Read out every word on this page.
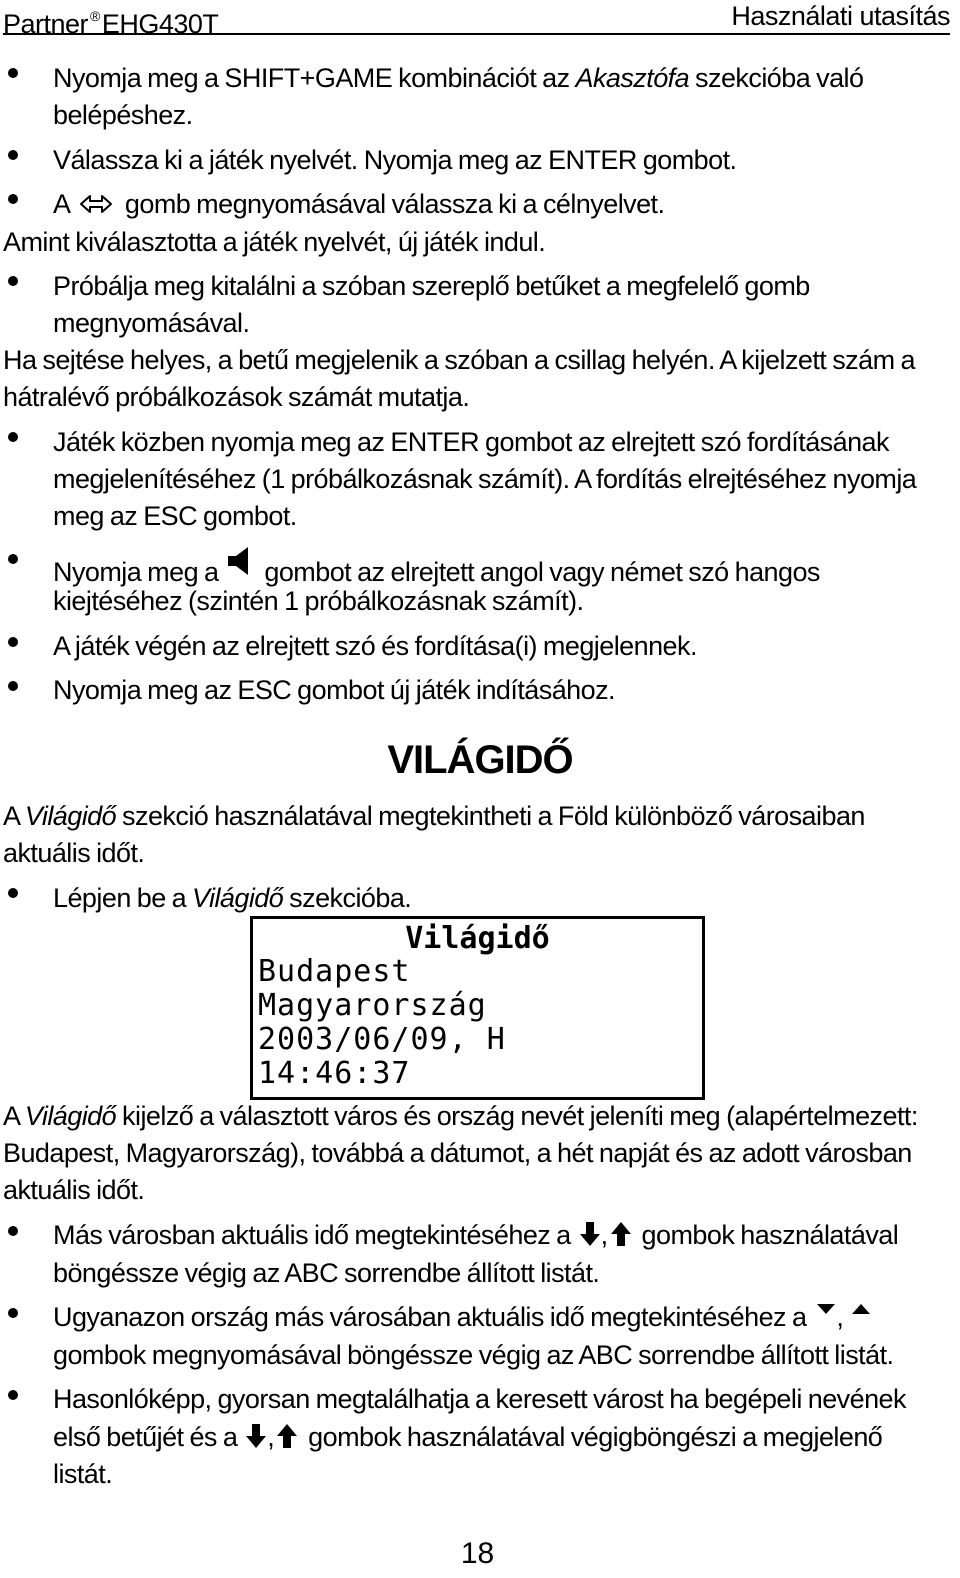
Partner ®EHG430T	Használati utasítás
Nyomja meg a SHIFT+GAME kombinációt az Akasztófa szekcióba való
belépéshez.
Válassza ki a játék nyelvét. Nyomja meg az ENTER gombot.
A gomb megnyomásával válassza ki a célnyelvet.
Amint kiválasztotta a játék nyelvét, új játék indul.
Próbálja meg kitalálni a szóban szereplő betűket a megfelelő gomb
megnyomásával.
Ha sejtése helyes, a betű megjelenik a szóban a csillag helyén. A kijelzett szám a
hátralévő próbálkozások számát mutatja.
Játék közben nyomja meg az ENTER gombot az elrejtett szó fordításának
megjelenítéséhez (1 próbálkozásnak számít). A fordítás elrejtéséhez nyomja
meg az ESC gombot.
Nyomja meg a gombot az elrejtett angol vagy német szó hangos
kiejtéséhez (szintén 1 próbálkozásnak számít).
A játék végén az elrejtett szó és fordítása(i) megjelennek.
Nyomja meg az ESC gombot új játék indításához.
VILÁGIDŐ
A Világidő szekció használatával megtekintheti a Föld különböző városaiban
aktuális időt.
Lépjen be a Világidő szekcióba.
Világidő
Budapest
Magyarország
2003/06/09, H
14:46:37
A Világidő kijelző a választott város és ország nevét jeleníti meg (alapértelmezett:
Budapest, Magyarország), továbbá a dátumot, a hét napját és az adott városban
aktuális időt.
Más városban aktuális idő megtekintéséhez a , gombok használatával
böngéssze végig az ABC sorrendbe állított listát.
Ugyanazon ország más városában aktuális idő megtekintéséhez a ,
gombok megnyomásával böngéssze végig az ABC sorrendbe állított listát.
Hasonlóképp, gyorsan megtalálhatja a keresett várost ha begépeli nevének
első betűjét és a , gombok használatával végigböngészi a megjelenő
listát.
18
